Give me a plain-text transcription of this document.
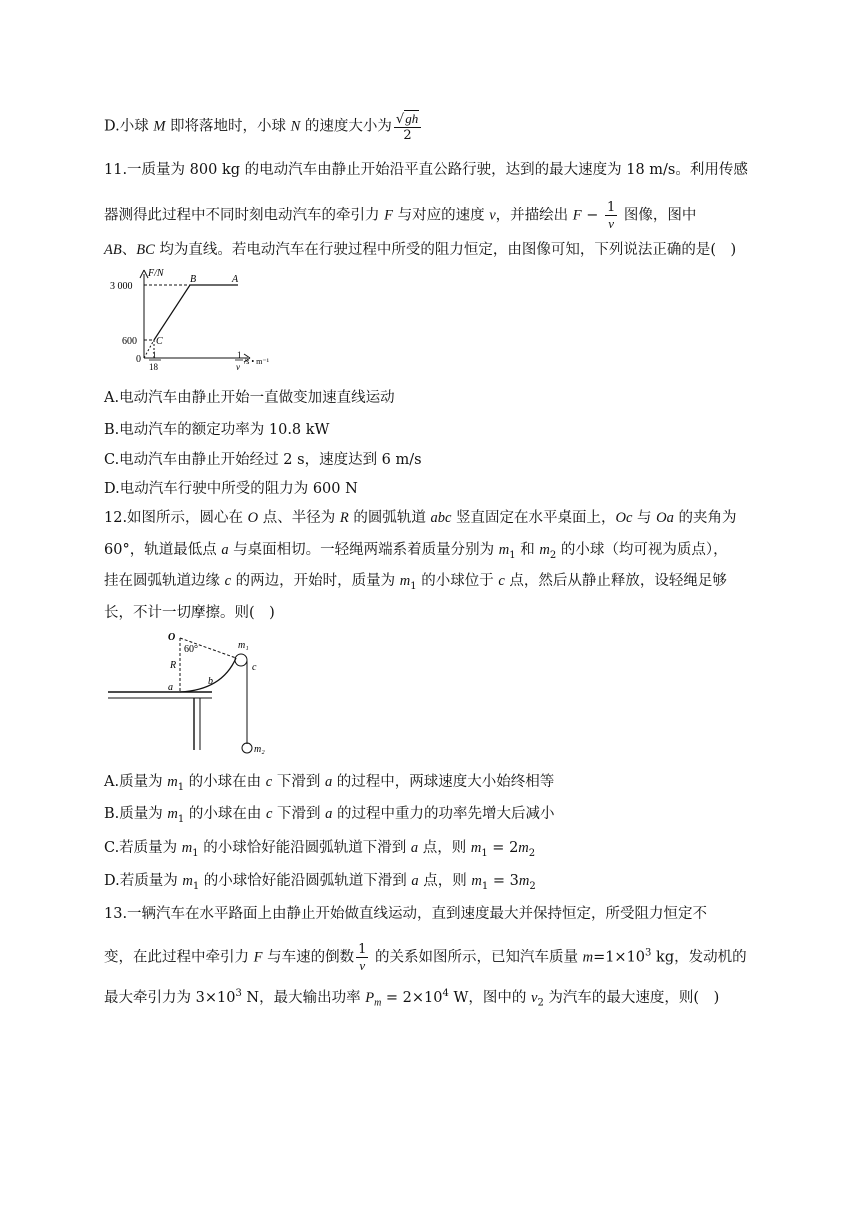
D.小球 M 即将落地时，小球 N 的速度大小为 $\frac{√gh}{2}$
11.一质量为 800 kg 的电动汽车由静止开始沿平直公路行驶，达到的最大速度为 18 m/s。利用传感
器测得此过程中不同时刻电动汽车的牵引力 F 与对应的速度 v，并描绘出 $F - \frac{1}{v}$ 图像，图中
AB、BC 均为直线。若电动汽车在行驶过程中所受的阻力恒定，由图像可知，下列说法正确的是(　)
F/N
3 000
600
0 1
18
1
v
/s • m⁻¹
A
B
C
A.电动汽车由静止开始一直做变加速直线运动
B.电动汽车的额定功率为 10.8 kW
C.电动汽车由静止开始经过 2 s，速度达到 6 m/s
D.电动汽车行驶中所受的阻力为 600 N
12.如图所示，圆心在 O 点、半径为 R 的圆弧轨道 abc 竖直固定在水平桌面上，Oc 与 Oa 的夹角为
60°，轨道最低点 a 与桌面相切。一轻绳两端系着质量分别为 $m_1$ 和 $m_2$ 的小球（均可视为质点），
挂在圆弧轨道边缘 c 的两边，开始时，质量为 $m_1$ 的小球位于 c 点，然后从静止释放，设轻绳足够
长，不计一切摩擦。则(　)
O
60°	m₁
c
R
b
a
m₂
A.质量为 $m_1$ 的小球在由 c 下滑到 a 的过程中，两球速度大小始终相等
B.质量为 $m_1$ 的小球在由 c 下滑到 a 的过程中重力的功率先增大后减小
C.若质量为 $m_1$ 的小球恰好能沿圆弧轨道下滑到 a 点，则 $m_1 = 2m_2$
D.若质量为 $m_1$ 的小球恰好能沿圆弧轨道下滑到 a 点，则 $m_1 = 3m_2$
13.一辆汽车在水平路面上由静止开始做直线运动，直到速度最大并保持恒定，所受阻力恒定不
变，在此过程中牵引力 F 与车速的倒数 $\frac{1}{v}$ 的关系如图所示，已知汽车质量 $m=1\times 10^3$ kg，发动机的
最大牵引力为 $3\times 10^3$ N，最大输出功率 $P_m = 2\times 10^4$ W，图中的 $v_2$ 为汽车的最大速度，则(　)
